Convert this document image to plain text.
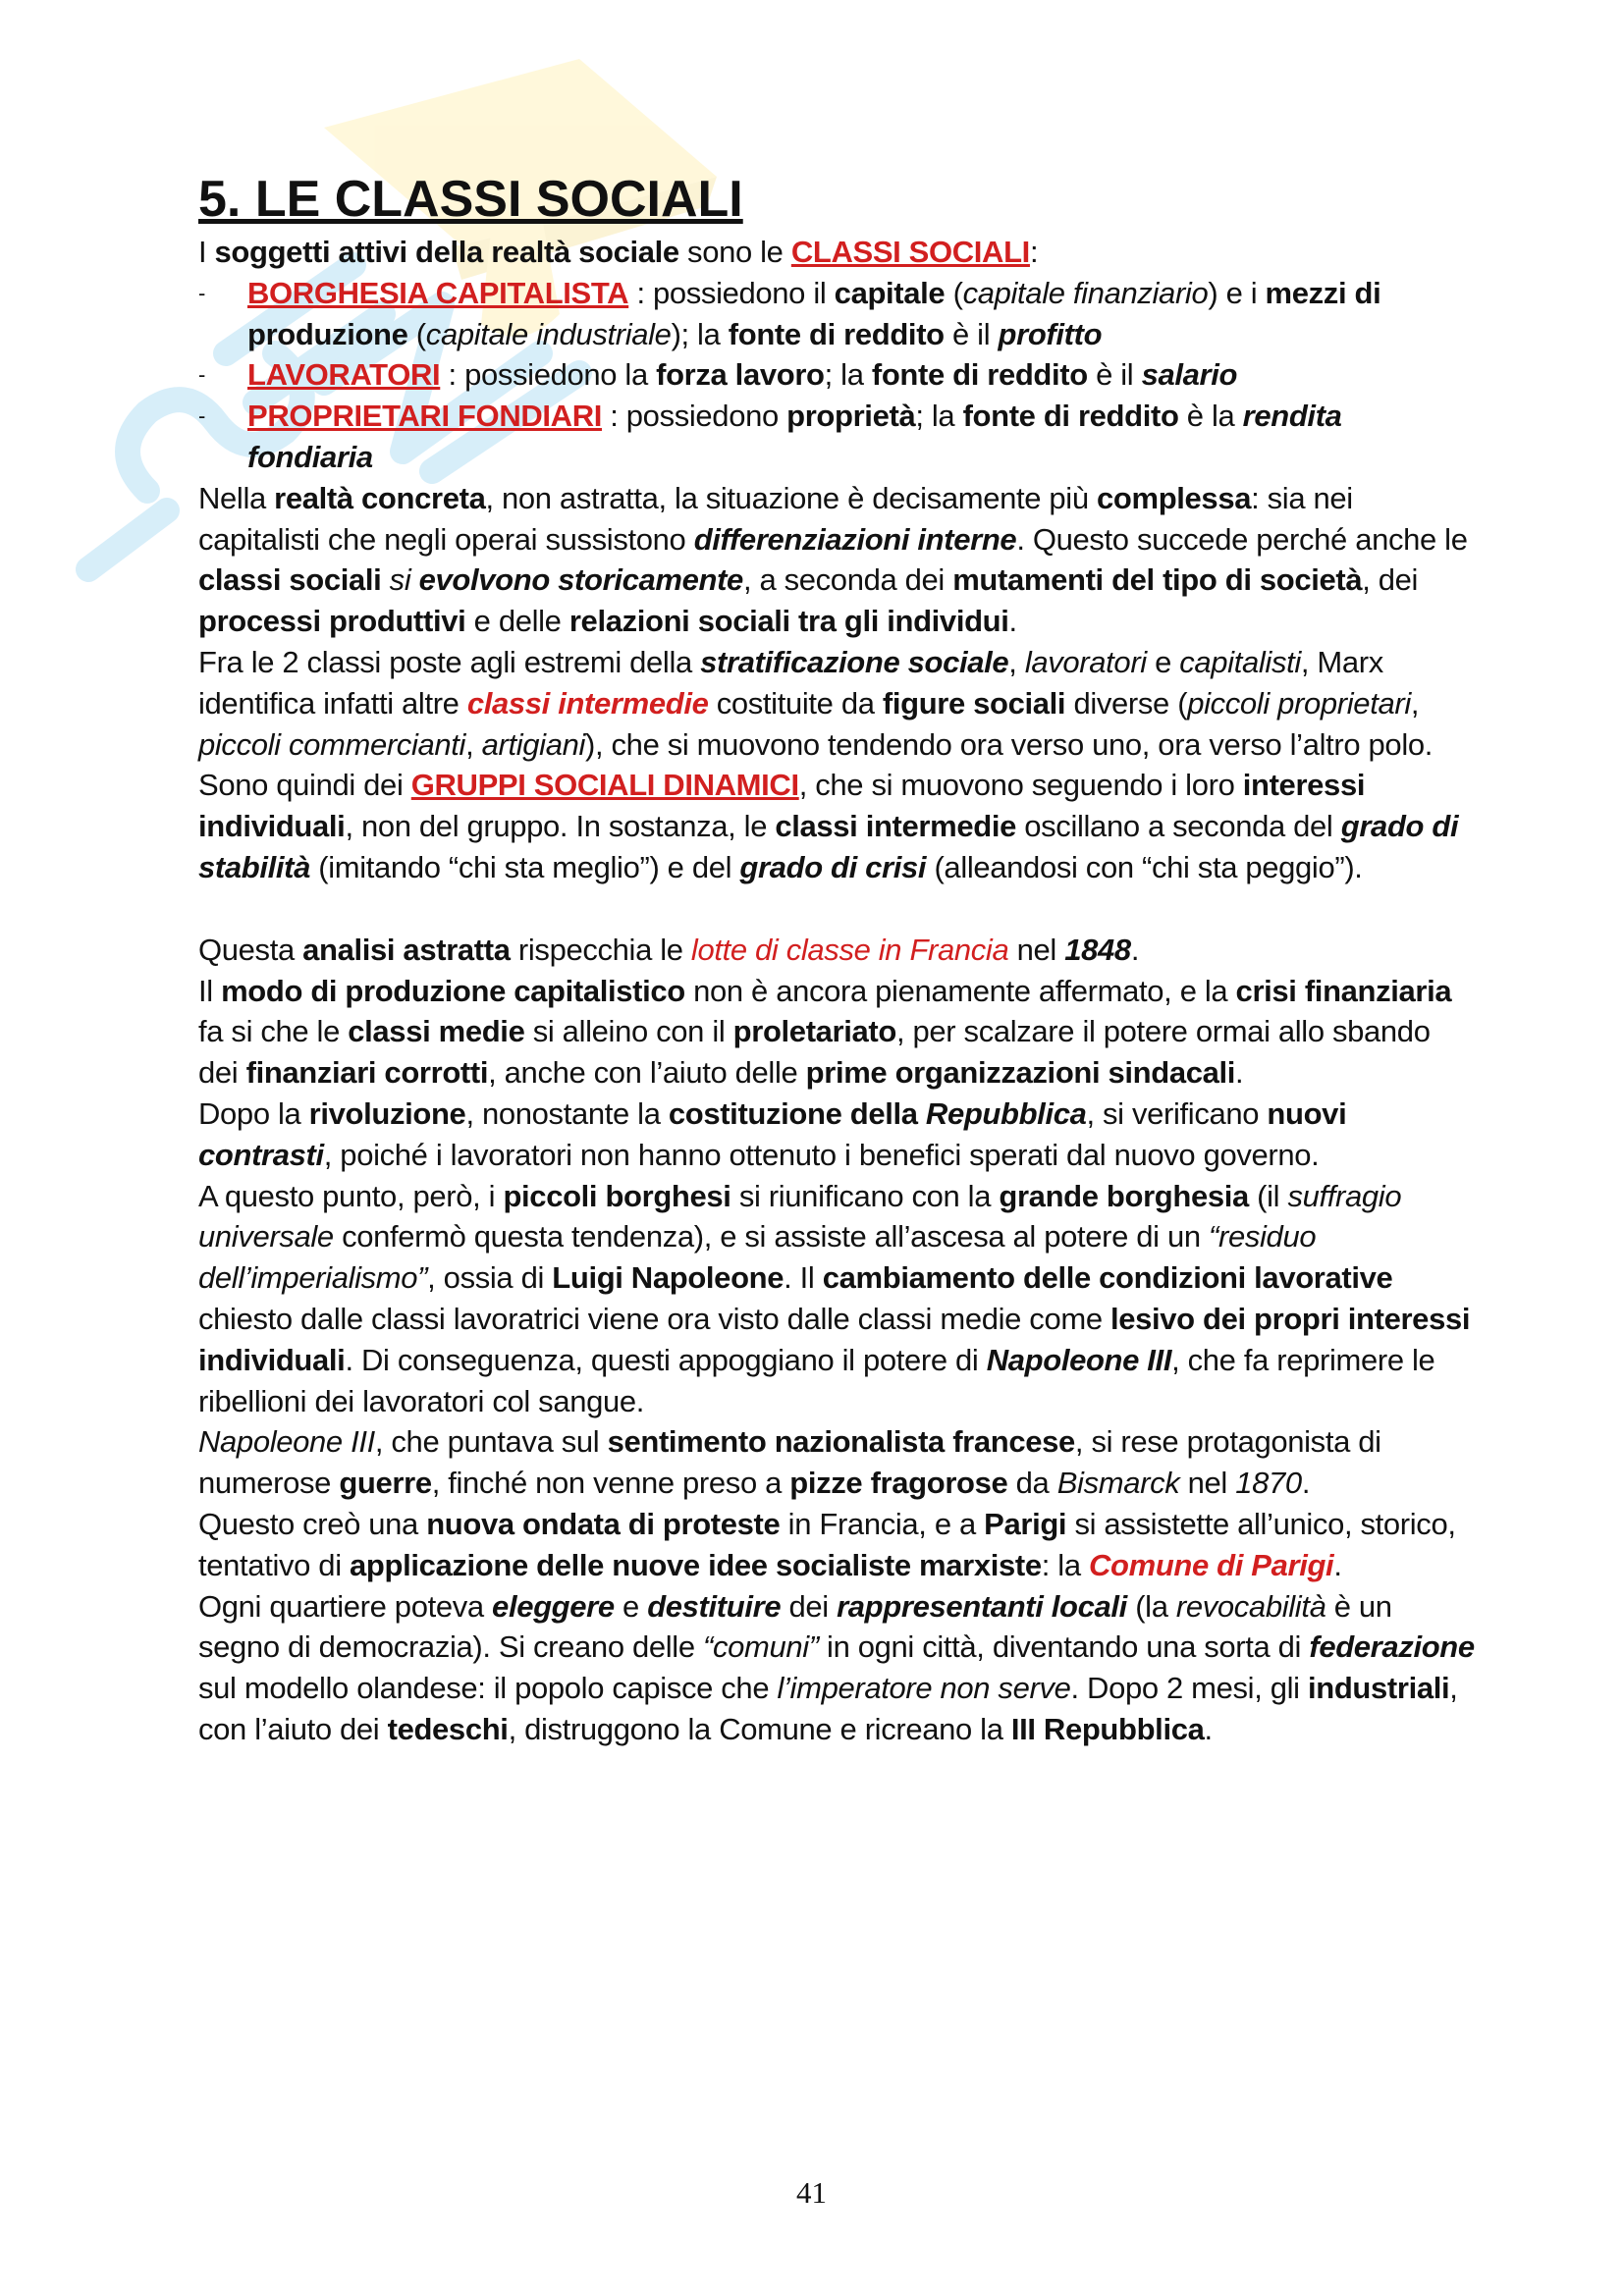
5. LE CLASSI SOCIALI

I soggetti attivi della realtà sociale sono le CLASSI SOCIALI:

- BORGHESIA CAPITALISTA : possiedono il capitale (capitale finanziario) e i mezzi di produzione (capitale industriale); la fonte di reddito è il profitto
- LAVORATORI : possiedono la forza lavoro; la fonte di reddito è il salario
- PROPRIETARI FONDIARI : possiedono proprietà; la fonte di reddito è la rendita fondiaria

Nella realtà concreta, non astratta, la situazione è decisamente più complessa: sia nei capitalisti che negli operai sussistono differenziazioni interne. Questo succede perché anche le classi sociali si evolvono storicamente, a seconda dei mutamenti del tipo di società, dei processi produttivi e delle relazioni sociali tra gli individui.

Fra le 2 classi poste agli estremi della stratificazione sociale, lavoratori e capitalisti, Marx identifica infatti altre classi intermedie costituite da figure sociali diverse (piccoli proprietari, piccoli commercianti, artigiani), che si muovono tendendo ora verso uno, ora verso l’altro polo.

Sono quindi dei GRUPPI SOCIALI DINAMICI, che si muovono seguendo i loro interessi individuali, non del gruppo. In sostanza, le classi intermedie oscillano a seconda del grado di stabilità (imitando “chi sta meglio”) e del grado di crisi (alleandosi con “chi sta peggio”).

Questa analisi astratta rispecchia le lotte di classe in Francia nel 1848.

Il modo di produzione capitalistico non è ancora pienamente affermato, e la crisi finanziaria fa si che le classi medie si alleino con il proletariato, per scalzare il potere ormai allo sbando dei finanziari corrotti, anche con l’aiuto delle prime organizzazioni sindacali.

Dopo la rivoluzione, nonostante la costituzione della Repubblica, si verificano nuovi
contrasti, poiché i lavoratori non hanno ottenuto i benefici sperati dal nuovo governo.

A questo punto, però, i piccoli borghesi si riunificano con la grande borghesia (il suffragio universale confermò questa tendenza), e si assiste all’ascesa al potere di un “residuo dell’imperialismo”, ossia di Luigi Napoleone. Il cambiamento delle condizioni lavorative chiesto dalle classi lavoratrici viene ora visto dalle classi medie come lesivo dei propri interessi individuali. Di conseguenza, questi appoggiano il potere di Napoleone III, che fa reprimere le ribellioni dei lavoratori col sangue.

Napoleone III, che puntava sul sentimento nazionalista francese, si rese protagonista di numerose guerre, finché non venne preso a pizze fragorose da Bismarck nel 1870.

Questo creò una nuova ondata di proteste in Francia, e a Parigi si assistette all’unico, storico, tentativo di applicazione delle nuove idee socialiste marxiste: la Comune di Parigi.

Ogni quartiere poteva eleggere e destituire dei rappresentanti locali (la revocabilità è un segno di democrazia). Si creano delle “comuni” in ogni città, diventando una sorta di federazione sul modello olandese: il popolo capisce che l’imperatore non serve. Dopo 2 mesi, gli industriali, con l’aiuto dei tedeschi, distruggono la Comune e ricreano la III Repubblica.

41
